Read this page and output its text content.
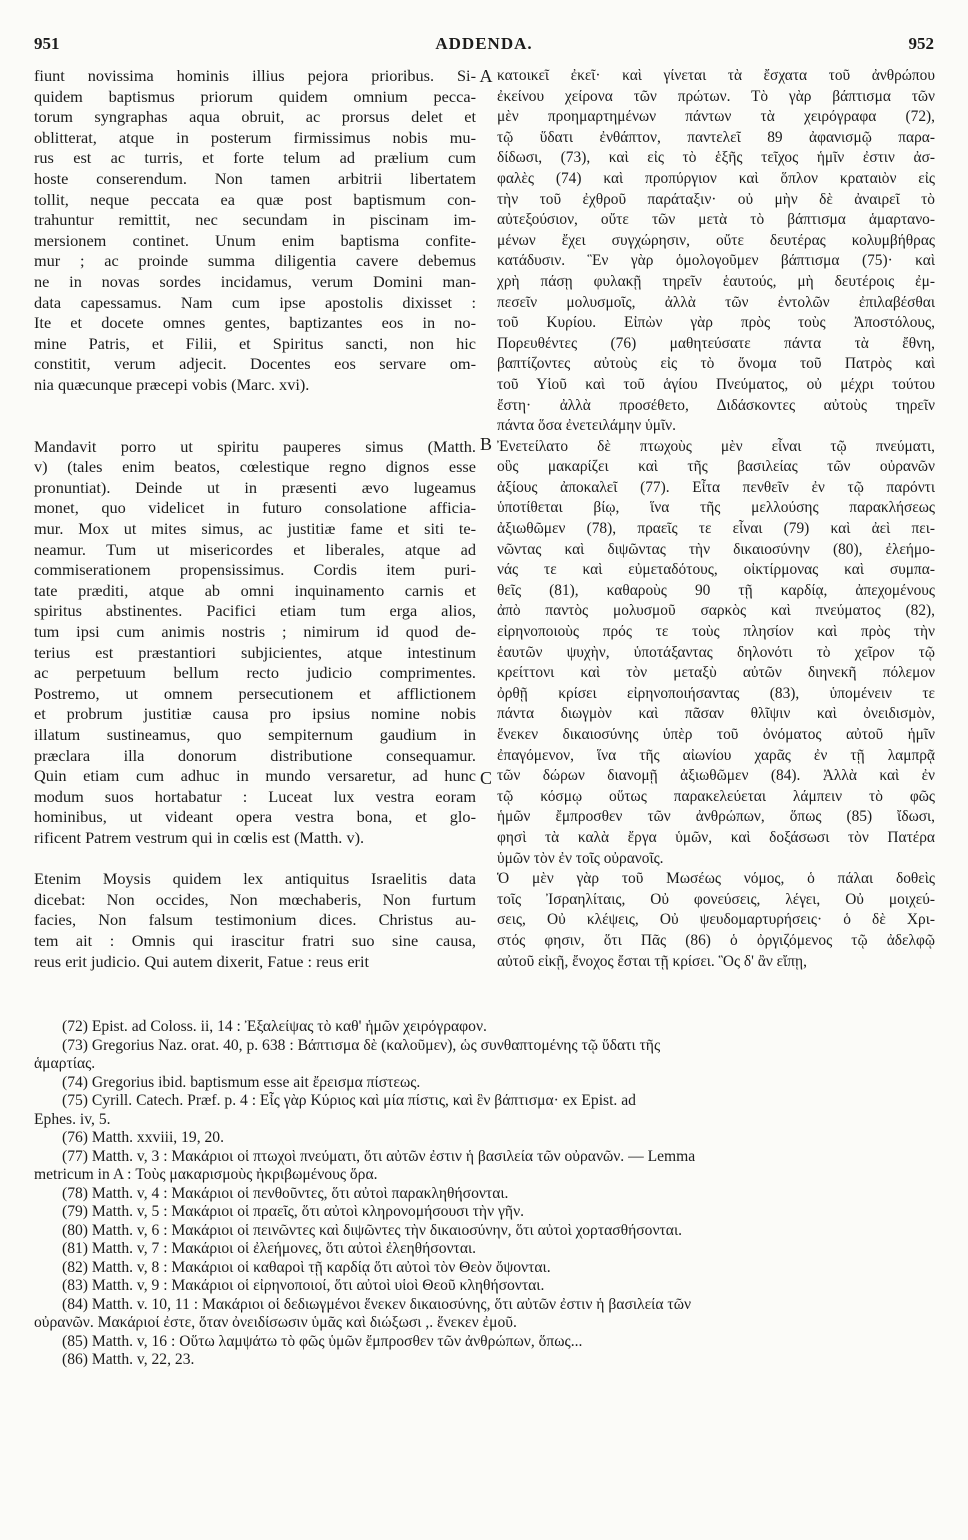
951	ADDENDA.	952
fiunt novissima hominis illius pejora prioribus. Si-
quidem baptismus priorum quidem omnium pecca-
torum syngraphas aqua obruit, ac prorsus delet et
oblitterat, atque in posterum firmissimus nobis mu-
rus est ac turris, et forte telum ad prælium cum
hoste conserendum. Non tamen arbitrii libertatem
tollit, neque peccata ea quæ post baptismum con-
trahuntur remittit, nec secundam in piscinam im-
mersionem continet. Unum enim baptisma confite-
mur ; ac proinde summa diligentia cavere debemus
ne in novas sordes incidamus, verum Domini man-
data capessamus. Nam cum ipse apostolis dixisset :
Ite et docete omnes gentes, baptizantes eos in no-
mine Patris, et Filii, et Spiritus sancti, non hic
constitit, verum adjecit. Docentes eos servare om-
nia quæcunque præcepi vobis (Marc. xvi).
Mandavit porro ut spiritu pauperes simus (Matth.
v) (tales enim beatos, cœlestique regno dignos esse
pronuntiat). Deinde ut in præsenti ævo lugeamus
monet, quo videlicet in futuro consolatione afficia-
mur. Mox ut mites simus, ac justitiæ fame et siti te-
neamur. Tum ut misericordes et liberales, atque ad
commiserationem propensissimus. Cordis item puri-
tate præditi, atque ab omni inquinamento carnis et
spiritus abstinentes. Pacifici etiam tum erga alios,
tum ipsi cum animis nostris ; nimirum id quod de-
terius est præstantiori subjicientes, atque intestinum
ac perpetuum bellum recto judicio comprimentes.
Postremo, ut omnem persecutionem et afflictionem
et probrum justitiæ causa pro ipsius nomine nobis
illatum sustineamus, quo sempiternum gaudium in
præclara illa donorum distributione consequamur.
Quin etiam cum adhuc in mundo versaretur, ad hunc
modum suos hortabatur : Luceat lux vestra eoram
hominibus, ut videant opera vestra bona, et glo-
rificent Patrem vestrum qui in cœlis est (Matth. v).
Etenim Moysis quidem lex antiquitus Israelitis data
dicebat: Non occides, Non mœchaberis, Non furtum
facies, Non falsum testimonium dices. Christus au-
tem ait : Omnis qui irascitur fratri suo sine causa,
reus erit judicio. Qui autem dixerit, Fatue : reus erit
A
B
C
κατοικεῖ ἐκεῖ· καὶ γίνεται τὰ ἔσχατα τοῦ ἀνθρώπου
ἐκείνου χείρονα τῶν πρώτων. Τὸ γὰρ βάπτισμα τῶν
μὲν προημαρτημένων πάντων τὰ χειρόγραφα (72),
τῷ ὕδατι ἐνθάπτον, παντελεῖ 89 ἀφανισμῷ παρα-
δίδωσι, (73), καὶ εἰς τὸ ἑξῆς τεῖχος ἡμῖν ἐστιν ἀσ-
φαλὲς (74) καὶ προπύργιον καὶ ὅπλον κραταιὸν εἰς
τὴν τοῦ ἐχθροῦ παράταξιν· οὐ μὴν δὲ ἀναιρεῖ τὸ
αὐτεξούσιον, οὔτε τῶν μετὰ τὸ βάπτισμα ἁμαρτανο-
μένων ἔχει συγχώρησιν, οὔτε δευτέρας κολυμβήθρας
κατάδυσιν. Ἓν γὰρ ὁμολογοῦμεν βάπτισμα (75)· καὶ
χρὴ πάσῃ φυλακῇ τηρεῖν ἑαυτούς, μὴ δευτέροις ἐμ-
πεσεῖν μολυσμοῖς, ἀλλὰ τῶν ἐντολῶν ἐπιλαβέσθαι
τοῦ Κυρίου. Εἰπὼν γὰρ πρὸς τοὺς Ἀποστόλους,
Πορευθέντες (76) μαθητεύσατε πάντα τὰ ἔθνη,
βαπτίζοντες αὐτοὺς εἰς τὸ ὄνομα τοῦ Πατρὸς καὶ
τοῦ Υἱοῦ καὶ τοῦ ἁγίου Πνεύματος, οὐ μέχρι τούτου
ἔστη· ἀλλὰ προσέθετο, Διδάσκοντες αὐτοὺς τηρεῖν
πάντα ὅσα ἐνετειλάμην ὑμῖν.
Ἐνετείλατο δὲ πτωχοὺς μὲν εἶναι τῷ πνεύματι,
οὓς μακαρίζει καὶ τῆς βασιλείας τῶν οὐρανῶν
ἀξίους ἀποκαλεῖ (77). Εἶτα πενθεῖν ἐν τῷ παρόντι
ὑποτίθεται βίῳ, ἵνα τῆς μελλούσης παρακλήσεως
ἀξιωθῶμεν (78), πραεῖς τε εἶναι (79) καὶ ἀεὶ πει-
νῶντας καὶ διψῶντας τὴν δικαιοσύνην (80), ἐλεήμο-
νάς τε καὶ εὐμεταδότους, οἰκτίρμονας καὶ συμπα-
θεῖς (81), καθαροὺς 90 τῇ καρδίᾳ, ἀπεχομένους
ἀπὸ παντὸς μολυσμοῦ σαρκὸς καὶ πνεύματος (82),
εἰρηνοποιοὺς πρός τε τοὺς πλησίον καὶ πρὸς τὴν
ἑαυτῶν ψυχὴν, ὑποτάξαντας δηλονότι τὸ χεῖρον τῷ
κρείττονι καὶ τὸν μεταξὺ αὐτῶν διηνεκῆ πόλεμον
ὀρθῇ κρίσει εἰρηνοποιήσαντας (83), ὑπομένειν τε
πάντα διωγμὸν καὶ πᾶσαν θλῖψιν καὶ ὀνειδισμὸν,
ἕνεκεν δικαιοσύνης ὑπὲρ τοῦ ὀνόματος αὐτοῦ ἡμῖν
ἐπαγόμενον, ἵνα τῆς αἰωνίου χαρᾶς ἐν τῇ λαμπρᾷ
τῶν δώρων διανομῇ ἀξιωθῶμεν (84). Ἀλλὰ καὶ ἐν
τῷ κόσμῳ οὕτως παρακελεύεται λάμπειν τὸ φῶς
ἡμῶν ἔμπροσθεν τῶν ἀνθρώπων, ὅπως (85) ἴδωσι,
φησὶ τὰ καλὰ ἔργα ὑμῶν, καὶ δοξάσωσι τὸν Πατέρα
ὑμῶν τὸν ἐν τοῖς οὐρανοῖς.
Ὁ μὲν γὰρ τοῦ Μωσέως νόμος, ὁ πάλαι δοθεὶς
τοῖς Ἰσραηλίταις, Οὐ φονεύσεις, λέγει, Οὐ μοιχεύ-
σεις, Οὐ κλέψεις, Οὐ ψευδομαρτυρήσεις· ὁ δὲ Χρι-
στός φησιν, ὅτι Πᾶς (86) ὁ ὀργιζόμενος τῷ ἀδελφῷ
αὐτοῦ εἰκῇ, ἔνοχος ἔσται τῇ κρίσει. Ὃς δ' ἂν εἴπῃ,
(72) Epist. ad Coloss. ii, 14 : Ἐξαλείψας τὸ καθ' ἡμῶν χειρόγραφον.
(73) Gregorius Naz. orat. 40, p. 638 : Βάπτισμα δὲ (καλοῦμεν), ὡς συνθαπτομένης τῷ ὕδατι τῆς
ἁμαρτίας.
(74) Gregorius ibid. baptismum esse ait ἔρεισμα πίστεως.
(75) Cyrill. Catech. Præf. p. 4 : Εἷς γὰρ Κύριος καὶ μία πίστις, καὶ ἓν βάπτισμα· ex Epist. ad
Ephes. iv, 5.
(76) Matth. xxviii, 19, 20.
(77) Matth. v, 3 : Μακάριοι οἱ πτωχοὶ πνεύματι, ὅτι αὐτῶν ἐστιν ἡ βασιλεία τῶν οὐρανῶν. — Lemma
metricum in A : Τοὺς μακαρισμοὺς ἠκριβωμένους ὅρα.
(78) Matth. v, 4 : Μακάριοι οἱ πενθοῦντες, ὅτι αὐτοὶ παρακληθήσονται.
(79) Matth. v, 5 : Μακάριοι οἱ πραεῖς, ὅτι αὐτοὶ κληρονομήσουσι τὴν γῆν.
(80) Matth. v, 6 : Μακάριοι οἱ πεινῶντες καὶ διψῶντες τὴν δικαιοσύνην, ὅτι αὐτοὶ χορτασθήσονται.
(81) Matth. v, 7 : Μακάριοι οἱ ἐλεήμονες, ὅτι αὐτοὶ ἐλεηθήσονται.
(82) Matth. v, 8 : Μακάριοι οἱ καθαροὶ τῇ καρδίᾳ ὅτι αὐτοὶ τὸν Θεὸν ὄψονται.
(83) Matth. v, 9 : Μακάριοι οἱ εἰρηνοποιοί, ὅτι αὐτοὶ υἱοὶ Θεοῦ κληθήσονται.
(84) Matth. v. 10, 11 : Μακάριοι οἱ δεδιωγμένοι ἕνεκεν δικαιοσύνης, ὅτι αὐτῶν ἐστιν ἡ βασιλεία τῶν
οὐρανῶν. Μακάριοί ἐστε, ὅταν ὀνειδίσωσιν ὑμᾶς καὶ διώξωσι ,. ἕνεκεν ἐμοῦ.
(85) Matth. v, 16 : Οὕτω λαμψάτω τὸ φῶς ὑμῶν ἔμπροσθεν τῶν ἀνθρώπων, ὅπως...
(86) Matth. v, 22, 23.
